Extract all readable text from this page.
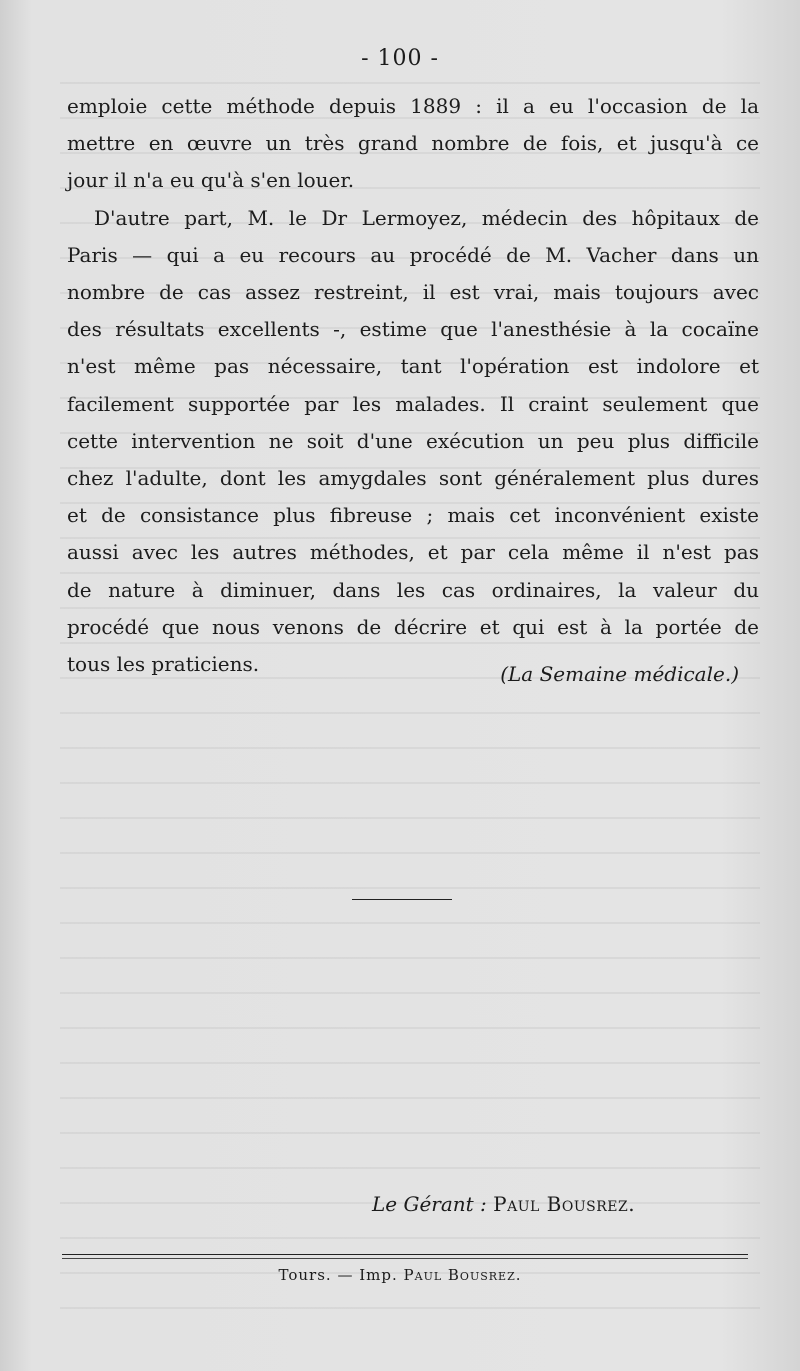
- 100 -
emploie cette méthode depuis 1889 : il a eu l'occasion de la
mettre en œuvre un très grand nombre de fois, et jusqu'à ce
jour il n'a eu qu'à s'en louer.
D'autre part, M. le Dr Lermoyez, médecin des hôpitaux de
Paris — qui a eu recours au procédé de M. Vacher dans un
nombre de cas assez restreint, il est vrai, mais toujours avec
des résultats excellents -, estime que l'anesthésie à la cocaïne
n'est même pas nécessaire, tant l'opération est indolore et
facilement supportée par les malades. Il craint seulement que
cette intervention ne soit d'une exécution un peu plus difficile
chez l'adulte, dont les amygdales sont généralement plus dures
et de consistance plus fibreuse ; mais cet inconvénient existe
aussi avec les autres méthodes, et par cela même il n'est pas
de nature à diminuer, dans les cas ordinaires, la valeur du
procédé que nous venons de décrire et qui est à la portée de
tous les praticiens.	(La Semaine médicale.)
Le Gérant : Paul Bousrez.
Tours. — Imp. Paul Bousrez.
